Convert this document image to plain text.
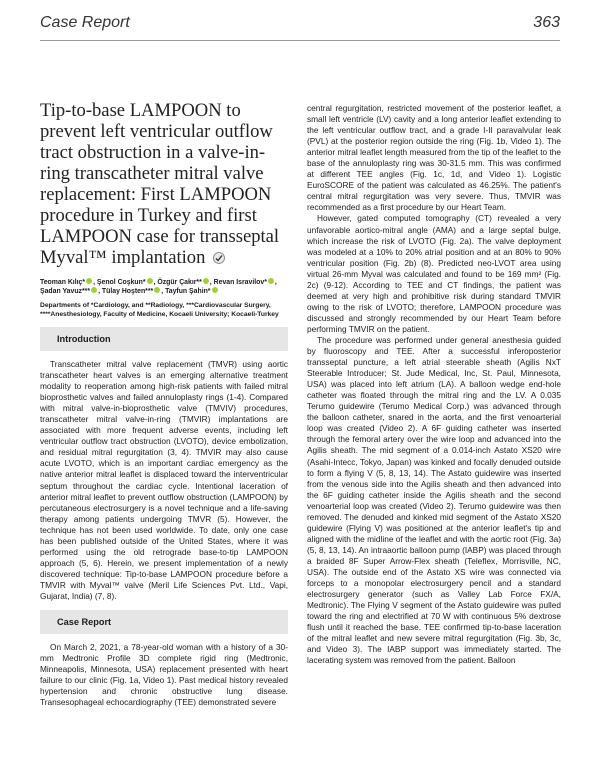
Case Report	363
Tip-to-base LAMPOON to prevent left ventricular outflow tract obstruction in a valve-in-ring transcatheter mitral valve replacement: First LAMPOON procedure in Turkey and first LAMPOON case for transseptal Myval™ implantation
Teoman Kılıç* , Şenol Coşkun* , Özgür Çakır** , Revan Isravilov* , Şadan Yavuz*** , Tülay Hoşten*** , Tayfun Şahin*
Departments of *Cardiology, and **Radiology, ***Cardiovascular Surgery, ****Anesthesiology, Faculty of Medicine, Kocaeli University; Kocaeli-Turkey
Introduction

Transcatheter mitral valve replacement (TMVR) using aortic transcatheter heart valves is an emerging alternative treatment modality to reoperation among high-risk patients with failed mitral bioprosthetic valves and failed annuloplasty rings (1-4). Compared with mitral valve-in-bioprosthetic valve (TMVIV) procedures, transcatheter mitral valve-in-ring (TMVIR) implantations are associated with more frequent adverse events, including left ventricular outflow tract obstruction (LVOTO), device embolization, and residual mitral regurgitation (3, 4). TMVIR may also cause acute LVOTO, which is an important cardiac emergency as the native anterior mitral leaflet is displaced toward the interventricular septum throughout the cardiac cycle. Intentional laceration of anterior mitral leaflet to prevent outflow obstruction (LAMPOON) by percutaneous electrosurgery is a novel technique and a life-saving therapy among patients undergoing TMVR (5). However, the technique has not been used worldwide. To date, only one case has been published outside of the United States, where it was performed using the old retrograde base-to-tip LAMPOON approach (5, 6). Herein, we present implementation of a newly discovered technique: Tip-to-base LAMPOON procedure before a TMVIR with Myval™ valve (Meril Life Sciences Pvt. Ltd., Vapi, Gujarat, India) (7, 8).

Case Report

On March 2, 2021, a 78-year-old woman with a history of a 30-mm Medtronic Profile 3D complete rigid ring (Medtronic, Minneapolis, Minnesota, USA) replacement presented with heart failure to our clinic (Fig. 1a, Video 1). Past medical history revealed hypertension and chronic obstructive lung disease. Transesophageal echocardiography (TEE) demonstrated severe

central regurgitation, restricted movement of the posterior leaflet, a small left ventricle (LV) cavity and a long anterior leaflet extending to the left ventricular outflow tract, and a grade I-II paravalvular leak (PVL) at the posterior region outside the ring (Fig. 1b, Video 1). The anterior mitral leaflet length measured from the tip of the leaflet to the base of the annuloplasty ring was 30-31.5 mm. This was confirmed at different TEE angles (Fig. 1c, 1d, and Video 1). Logistic EuroSCORE of the patient was calculated as 46.25%. The patient's central mitral regurgitation was very severe. Thus, TMVIR was recommended as a first procedure by our Heart Team.

However, gated computed tomography (CT) revealed a very unfavorable aortico-mitral angle (AMA) and a large septal bulge, which increase the risk of LVOTO (Fig. 2a). The valve deployment was modeled at a 10% to 20% atrial position and at an 80% to 90% ventricular position (Fig. 2b) (8). Predicted neo-LVOT area using virtual 26-mm Myval was calculated and found to be 169 mm² (Fig. 2c) (9-12). According to TEE and CT findings, the patient was deemed at very high and prohibitive risk during standard TMVIR owing to the risk of LVOTO; therefore, LAMPOON procedure was discussed and strongly recommended by our Heart Team before performing TMVIR on the patient.

The procedure was performed under general anesthesia guided by fluoroscopy and TEE. After a successful inferoposterior transseptal puncture, a left atrial steerable sheath (Agilis NxT Steerable Introducer; St. Jude Medical, Inc, St. Paul, Minnesota, USA) was placed into left atrium (LA). A balloon wedge end-hole catheter was floated through the mitral ring and the LV. A 0.035 Terumo guidewire (Terumo Medical Corp.) was advanced through the balloon catheter, snared in the aorta, and the first venoarterial loop was created (Video 2). A 6F guiding catheter was inserted through the femoral artery over the wire loop and advanced into the Agilis sheath. The mid segment of a 0.014-inch Astato XS20 wire (Asahi-Intecc, Tokyo, Japan) was kinked and focally denuded outside to form a flying V (5, 8, 13, 14). The Astato guidewire was inserted from the venous side into the Agilis sheath and then advanced into the 6F guiding catheter inside the Agilis sheath and the second venoarterial loop was created (Video 2). Terumo guidewire was then removed. The denuded and kinked mid segment of the Astato XS20 guidewire (Flying V) was positioned at the anterior leaflet's tip and aligned with the midline of the leaflet and with the aortic root (Fig. 3a) (5, 8, 13, 14). An intraaortic balloon pump (IABP) was placed through a braided 8F Super Arrow-Flex sheath (Teleflex, Morrisville, NC, USA). The outside end of the Astato XS wire was connected via forceps to a monopolar electrosurgery pencil and a standard electrosurgery generator (such as Valley Lab Force FX/A, Medtronic). The Flying V segment of the Astato guidewire was pulled toward the ring and electrified at 70 W with continuous 5% dextrose flush until it reached the base. TEE confirmed tip-to-base laceration of the mitral leaflet and new severe mitral regurgitation (Fig. 3b, 3c, and Video 3). The IABP support was immediately started. The lacerating system was removed from the patient. Balloon
